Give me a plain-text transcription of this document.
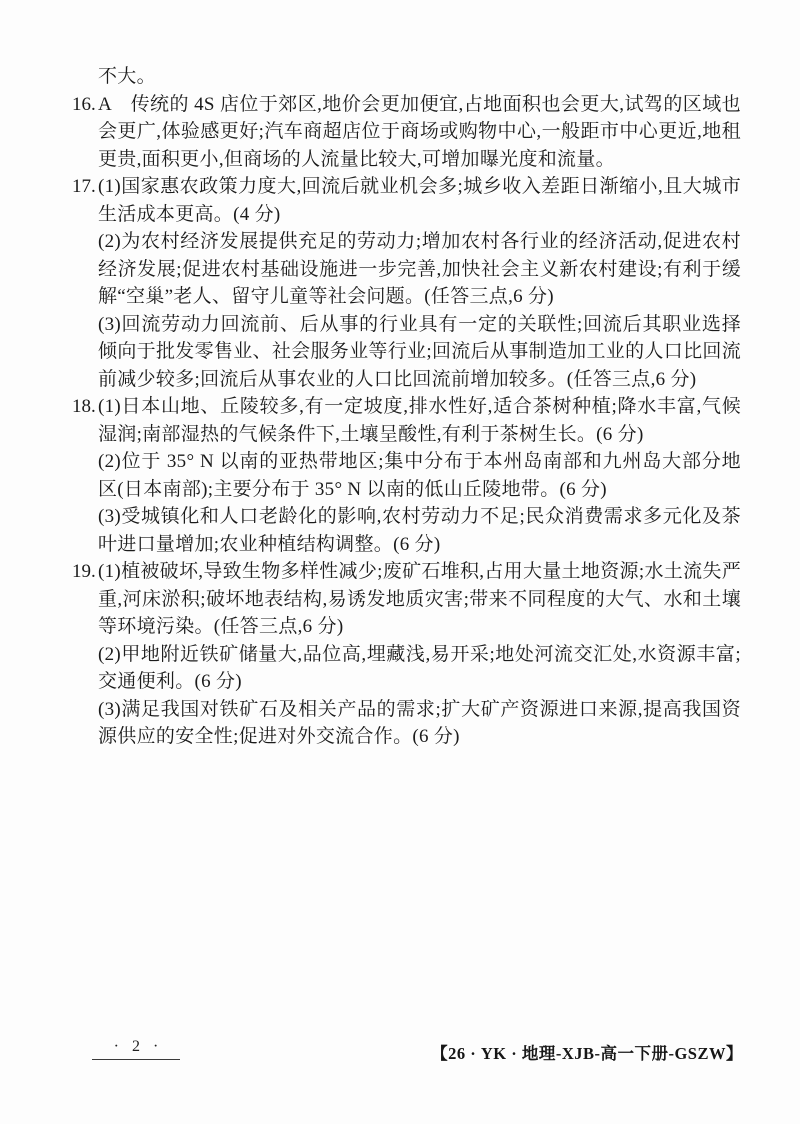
不大。

16. A　传统的 4S 店位于郊区,地价会更加便宜,占地面积也会更大,试驾的区域也会更广,体验感更好;汽车商超店位于商场或购物中心,一般距市中心更近,地租更贵,面积更小,但商场的人流量比较大,可增加曝光度和流量。

17. (1)国家惠农政策力度大,回流后就业机会多;城乡收入差距日渐缩小,且大城市生活成本更高。(4 分)

(2)为农村经济发展提供充足的劳动力;增加农村各行业的经济活动,促进农村经济发展;促进农村基础设施进一步完善,加快社会主义新农村建设;有利于缓解“空巢”老人、留守儿童等社会问题。(任答三点,6 分)

(3)回流劳动力回流前、后从事的行业具有一定的关联性;回流后其职业选择倾向于批发零售业、社会服务业等行业;回流后从事制造加工业的人口比回流前减少较多;回流后从事农业的人口比回流前增加较多。(任答三点,6 分)

18. (1)日本山地、丘陵较多,有一定坡度,排水性好,适合茶树种植;降水丰富,气候湿润;南部湿热的气候条件下,土壤呈酸性,有利于茶树生长。(6 分)

(2)位于 35° N 以南的亚热带地区;集中分布于本州岛南部和九州岛大部分地区(日本南部);主要分布于 35° N 以南的低山丘陵地带。(6 分)

(3)受城镇化和人口老龄化的影响,农村劳动力不足;民众消费需求多元化及茶叶进口量增加;农业种植结构调整。(6 分)

19. (1)植被破坏,导致生物多样性减少;废矿石堆积,占用大量土地资源;水土流失严重,河床淤积;破坏地表结构,易诱发地质灾害;带来不同程度的大气、水和土壤等环境污染。(任答三点,6 分)

(2)甲地附近铁矿储量大,品位高,埋藏浅,易开采;地处河流交汇处,水资源丰富;交通便利。(6 分)

(3)满足我国对铁矿石及相关产品的需求;扩大矿产资源进口来源,提高我国资源供应的安全性;促进对外交流合作。(6 分)

· 2 ·	【26 · YK · 地理-XJB-高一下册-GSZW】
